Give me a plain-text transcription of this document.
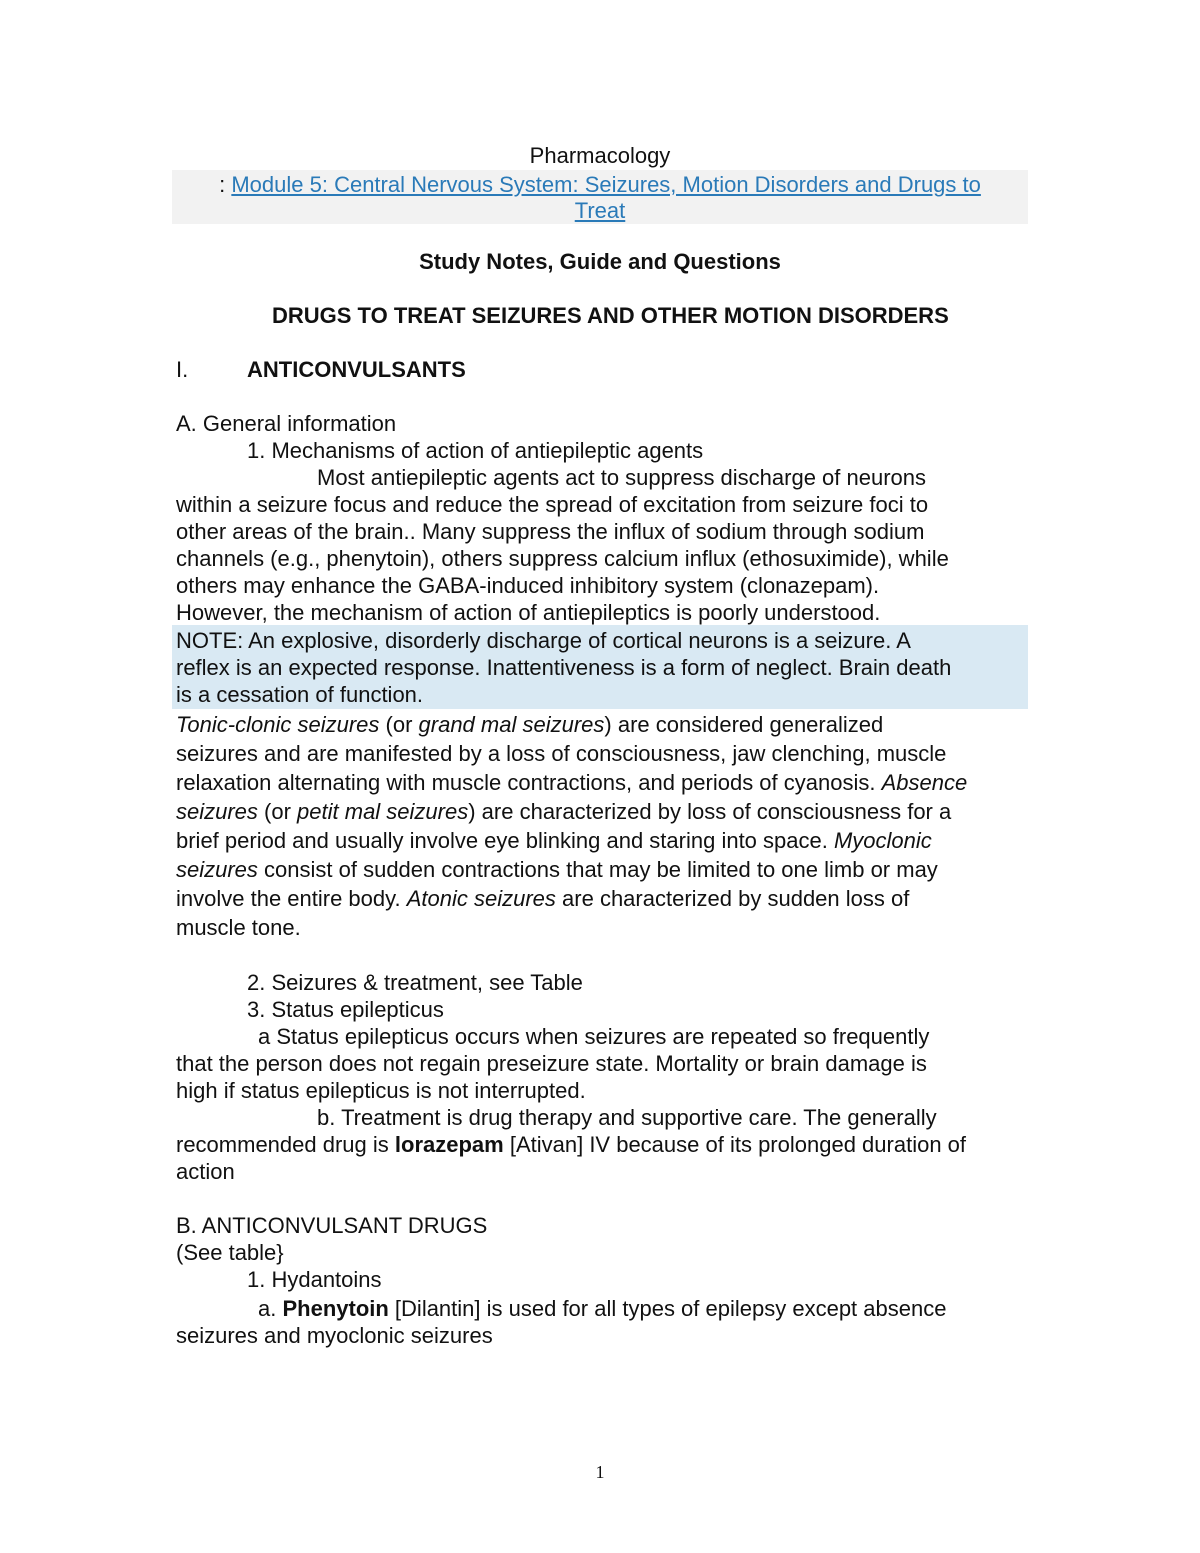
Pharmacology
: Module 5: Central Nervous System: Seizures, Motion Disorders and Drugs to
Treat
Study Notes, Guide and Questions
DRUGS TO TREAT SEIZURES AND OTHER MOTION DISORDERS
I.	ANTICONVULSANTS
A. General information
1. Mechanisms of action of antiepileptic agents
Most antiepileptic agents act to suppress discharge of neurons
within a seizure focus and reduce the spread of excitation from seizure foci to
other areas of the brain.. Many suppress the influx of sodium through sodium
channels (e.g., phenytoin), others suppress calcium influx (ethosuximide), while
others may enhance the GABA-induced inhibitory system (clonazepam).
However, the mechanism of action of antiepileptics is poorly understood.
NOTE: An explosive, disorderly discharge of cortical neurons is a seizure. A
reflex is an expected response. Inattentiveness is a form of neglect. Brain death
is a cessation of function.
Tonic-clonic seizures (or grand mal seizures) are considered generalized
seizures and are manifested by a loss of consciousness, jaw clenching, muscle
relaxation alternating with muscle contractions, and periods of cyanosis. Absence
seizures (or petit mal seizures) are characterized by loss of consciousness for a
brief period and usually involve eye blinking and staring into space. Myoclonic
seizures consist of sudden contractions that may be limited to one limb or may
involve the entire body. Atonic seizures are characterized by sudden loss of
muscle tone.
2. Seizures & treatment, see Table
3. Status epilepticus
a Status epilepticus occurs when seizures are repeated so frequently
that the person does not regain preseizure state. Mortality or brain damage is
high if status epilepticus is not interrupted.
b. Treatment is drug therapy and supportive care. The generally
recommended drug is lorazepam [Ativan] IV because of its prolonged duration of
action
B. ANTICONVULSANT DRUGS
(See table}
1. Hydantoins
a. Phenytoin [Dilantin] is used for all types of epilepsy except absence
seizures and myoclonic seizures
1
